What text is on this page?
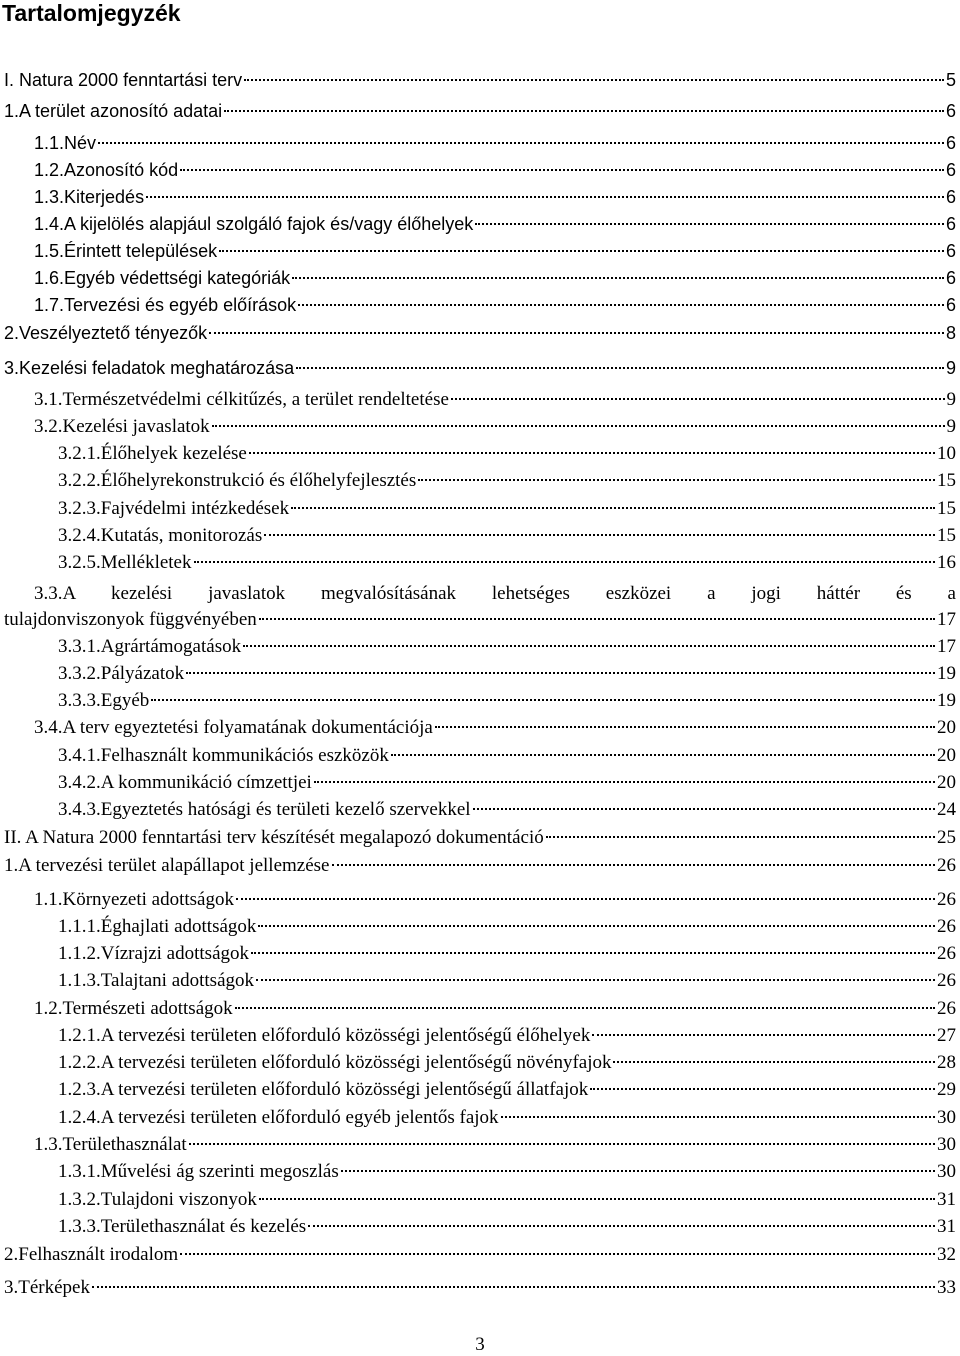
Tartalomjegyzék
I. Natura 2000 fenntartási terv	5
1.A terület azonosító adatai	6
1.1.Név	6
1.2.Azonosító kód	6
1.3.Kiterjedés	6
1.4.A kijelölés alapjául szolgáló fajok és/vagy élőhelyek	6
1.5.Érintett települések	6
1.6.Egyéb védettségi kategóriák	6
1.7.Tervezési és egyéb előírások	6
2.Veszélyeztető tényezők	8
3.Kezelési feladatok meghatározása	9
3.1.Természetvédelmi célkitűzés, a terület rendeltetése	9
3.2.Kezelési javaslatok	9
3.2.1.Élőhelyek kezelése	10
3.2.2.Élőhelyrekonstrukció és élőhelyfejlesztés	15
3.2.3.Fajvédelmi intézkedések	15
3.2.4.Kutatás, monitorozás	15
3.2.5.Mellékletek	16
3.3.A kezelési javaslatok megvalósításának lehetséges eszközei a jogi háttér és a
tulajdonviszonyok függvényében	17
3.3.1.Agrártámogatások	17
3.3.2.Pályázatok	19
3.3.3.Egyéb	19
3.4.A terv egyeztetési folyamatának dokumentációja	20
3.4.1.Felhasznált kommunikációs eszközök	20
3.4.2.A kommunikáció címzettjei	20
3.4.3.Egyeztetés hatósági és területi kezelő szervekkel	24
II. A Natura 2000 fenntartási terv készítését megalapozó dokumentáció	25
1.A tervezési terület alapállapot jellemzése	26
1.1.Környezeti adottságok	26
1.1.1.Éghajlati adottságok	26
1.1.2.Vízrajzi adottságok	26
1.1.3.Talajtani adottságok	26
1.2.Természeti adottságok	26
1.2.1.A tervezési területen előforduló közösségi jelentőségű élőhelyek	27
1.2.2.A tervezési területen előforduló közösségi jelentőségű növényfajok	28
1.2.3.A tervezési területen előforduló közösségi jelentőségű állatfajok	29
1.2.4.A tervezési területen előforduló egyéb jelentős fajok	30
1.3.Területhasználat	30
1.3.1.Művelési ág szerinti megoszlás	30
1.3.2.Tulajdoni viszonyok	31
1.3.3.Területhasználat és kezelés	31
2.Felhasznált irodalom	32
3.Térképek	33
3
